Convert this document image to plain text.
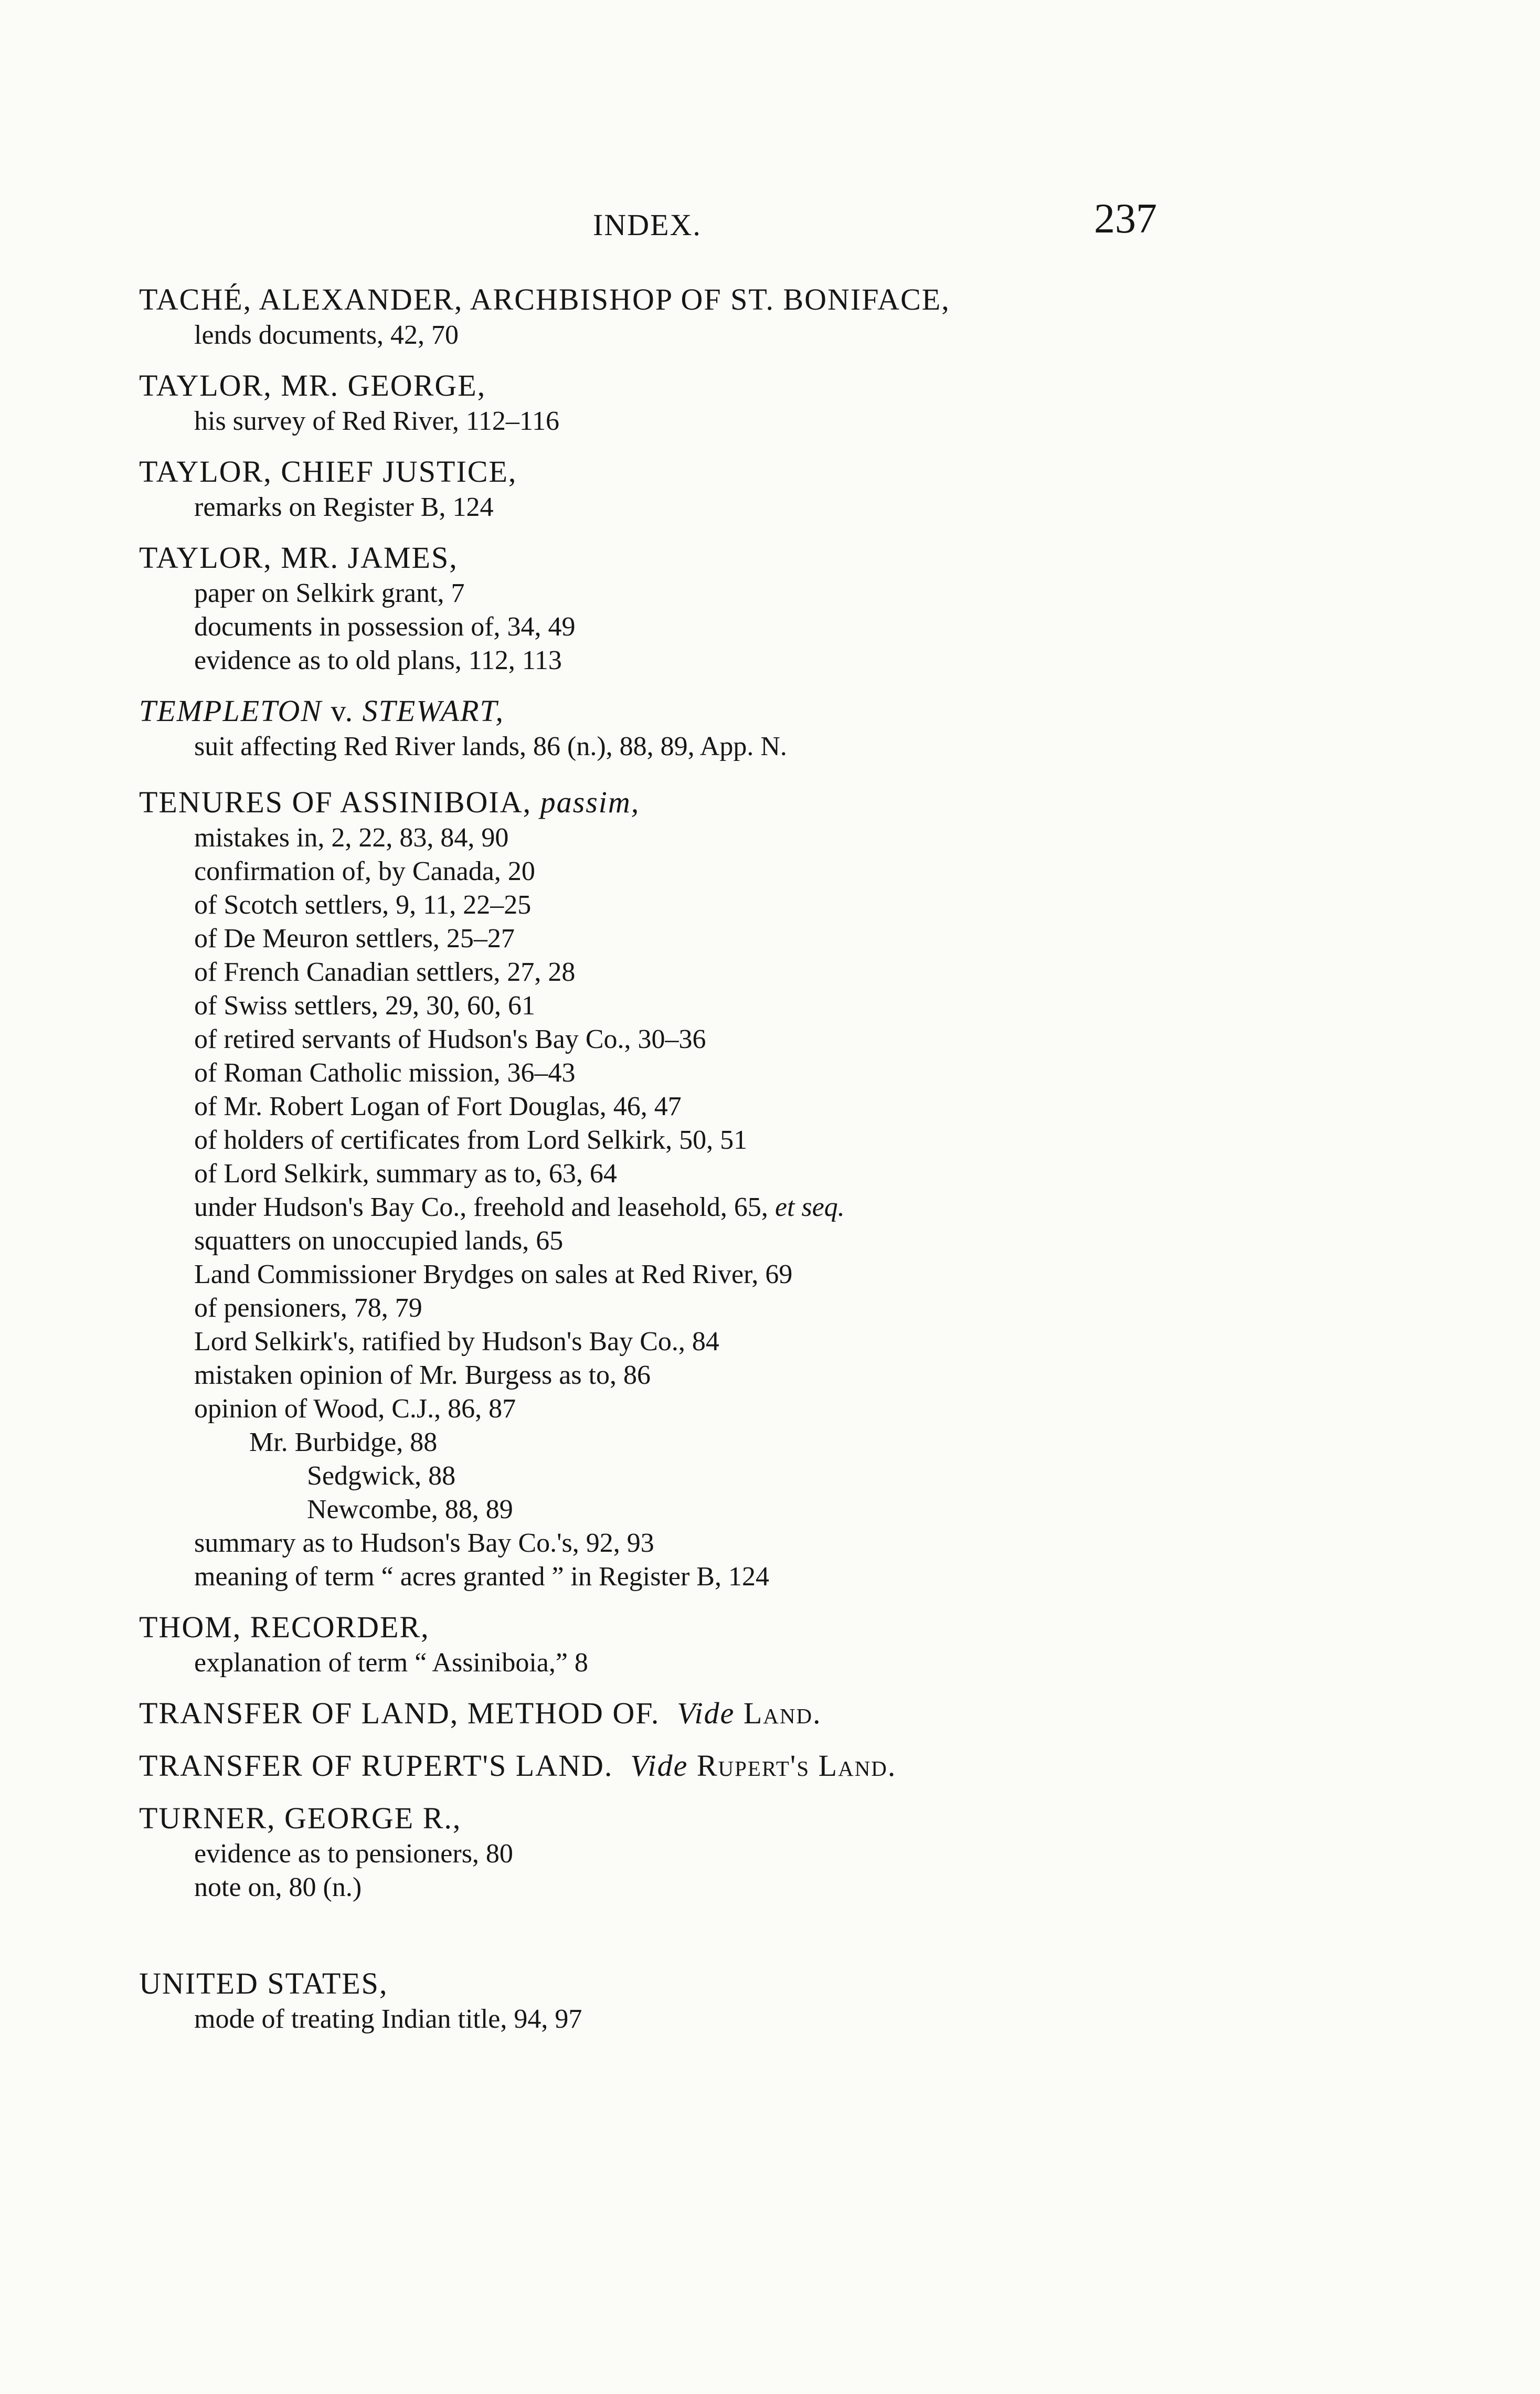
INDEX.	237
TACHÉ, ALEXANDER, ARCHBISHOP OF ST. BONIFACE,
lends documents, 42, 70
TAYLOR, MR. GEORGE,
his survey of Red River, 112–116
TAYLOR, CHIEF JUSTICE,
remarks on Register B, 124
TAYLOR, MR. JAMES,
paper on Selkirk grant, 7
documents in possession of, 34, 49
evidence as to old plans, 112, 113
TEMPLETON v. STEWART,
suit affecting Red River lands, 86 (n.), 88, 89, App. N.
TENURES OF ASSINIBOIA, passim,
mistakes in, 2, 22, 83, 84, 90
confirmation of, by Canada, 20
of Scotch settlers, 9, 11, 22–25
of De Meuron settlers, 25–27
of French Canadian settlers, 27, 28
of Swiss settlers, 29, 30, 60, 61
of retired servants of Hudson's Bay Co., 30–36
of Roman Catholic mission, 36–43
of Mr. Robert Logan of Fort Douglas, 46, 47
of holders of certificates from Lord Selkirk, 50, 51
of Lord Selkirk, summary as to, 63, 64
under Hudson's Bay Co., freehold and leasehold, 65, et seq.
squatters on unoccupied lands, 65
Land Commissioner Brydges on sales at Red River, 69
of pensioners, 78, 79
Lord Selkirk's, ratified by Hudson's Bay Co., 84
mistaken opinion of Mr. Burgess as to, 86
opinion of Wood, C.J., 86, 87
Mr. Burbidge, 88
Sedgwick, 88
Newcombe, 88, 89
summary as to Hudson's Bay Co.'s, 92, 93
meaning of term “ acres granted ” in Register B, 124
THOM, RECORDER,
explanation of term “ Assiniboia,” 8
TRANSFER OF LAND, METHOD OF. Vide Land.
TRANSFER OF RUPERT'S LAND. Vide Rupert's Land.
TURNER, GEORGE R.,
evidence as to pensioners, 80
note on, 80 (n.)
UNITED STATES,
mode of treating Indian title, 94, 97
